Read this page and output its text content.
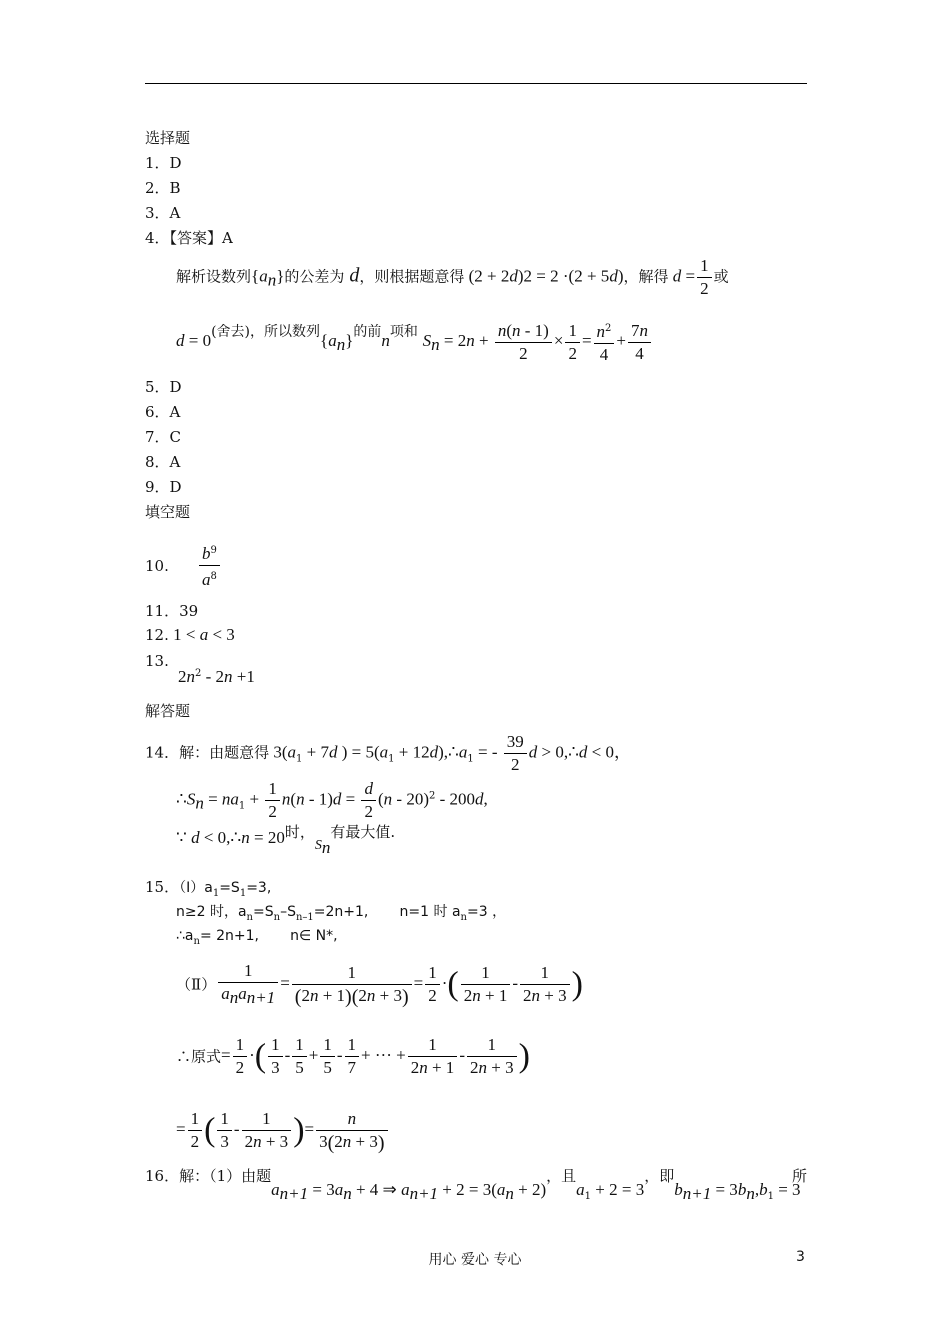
选择题
1．D
2．B
3．A
4．【答案】A
解析设数列$\{a_n\}$的公差为 d，则根据题意得 (2 + 2d)2 = 2 ·(2 + 5d)，解得 $d = \frac{1}{2}$ 或
$d = 0^{(舍去),所以数列}\{a_n\}^{的前}n^{项和}$ $S_n = 2n + \frac{n(n - 1)}{2} \times \frac{1}{2} = \frac{n^2}{4} + \frac{7n}{4}$
5．D
6．A
7．C
8．A
9．D
填空题
10. $\frac{b^9}{a^8}$
11．39
12. 1 < a < 3
13.
$2n^2 - 2n +1$
解答题
14．解：由题意得 $3(a_1 + 7d$ ) = $5(a_1$ + $12d),\therefore a_1$ = - $\frac{39}{2}$ d > 0,∴d < 0，
$\therefore S_n = na_1 + \frac{1}{2} n(n - 1)d = \frac{d}{2} (n - 20)^2 - 200d$,
∵ d < 0,∴n = 20时，$S_n$有最大值.
15．$(Ⅰ)a_1=S_1=3$,
n≥2 时，$a_n=S_n-S_{n-1}=2n+1$,       n=1 时 $a_n=3$ ，
$\therefore a_n= 2n+1$,       n∈ N*,
（Ⅱ） $\frac{1}{a_na_{n+1}} = \frac{1}{(2n + 1)(2n + 3)} = \frac{1}{2}$ ·( $\frac{1}{2n + 1} - \frac{1}{2n + 3}$ )
∴原式= $\frac{1}{2}$ ·( $\frac{1}{3} - \frac{1}{5} + \frac{1}{5} - \frac{1}{7}$ + ··· + $\frac{1}{2n + 1} - \frac{1}{2n + 3}$ )
= $\frac{1}{2}$ ( $\frac{1}{3} - \frac{1}{2n + 3}$ )= $\frac{n}{3(2n + 3)}$
16．解：（1）由题$a_{n+1} = 3a_n + 4$ ⇒ $a_{n+1} + 2 = 3(a_n + 2)$，且$a_1 + 2 = 3$，即$b_{n+1} = 3b_n,b_1 = 3$
所
用心 爱心 专心	3
